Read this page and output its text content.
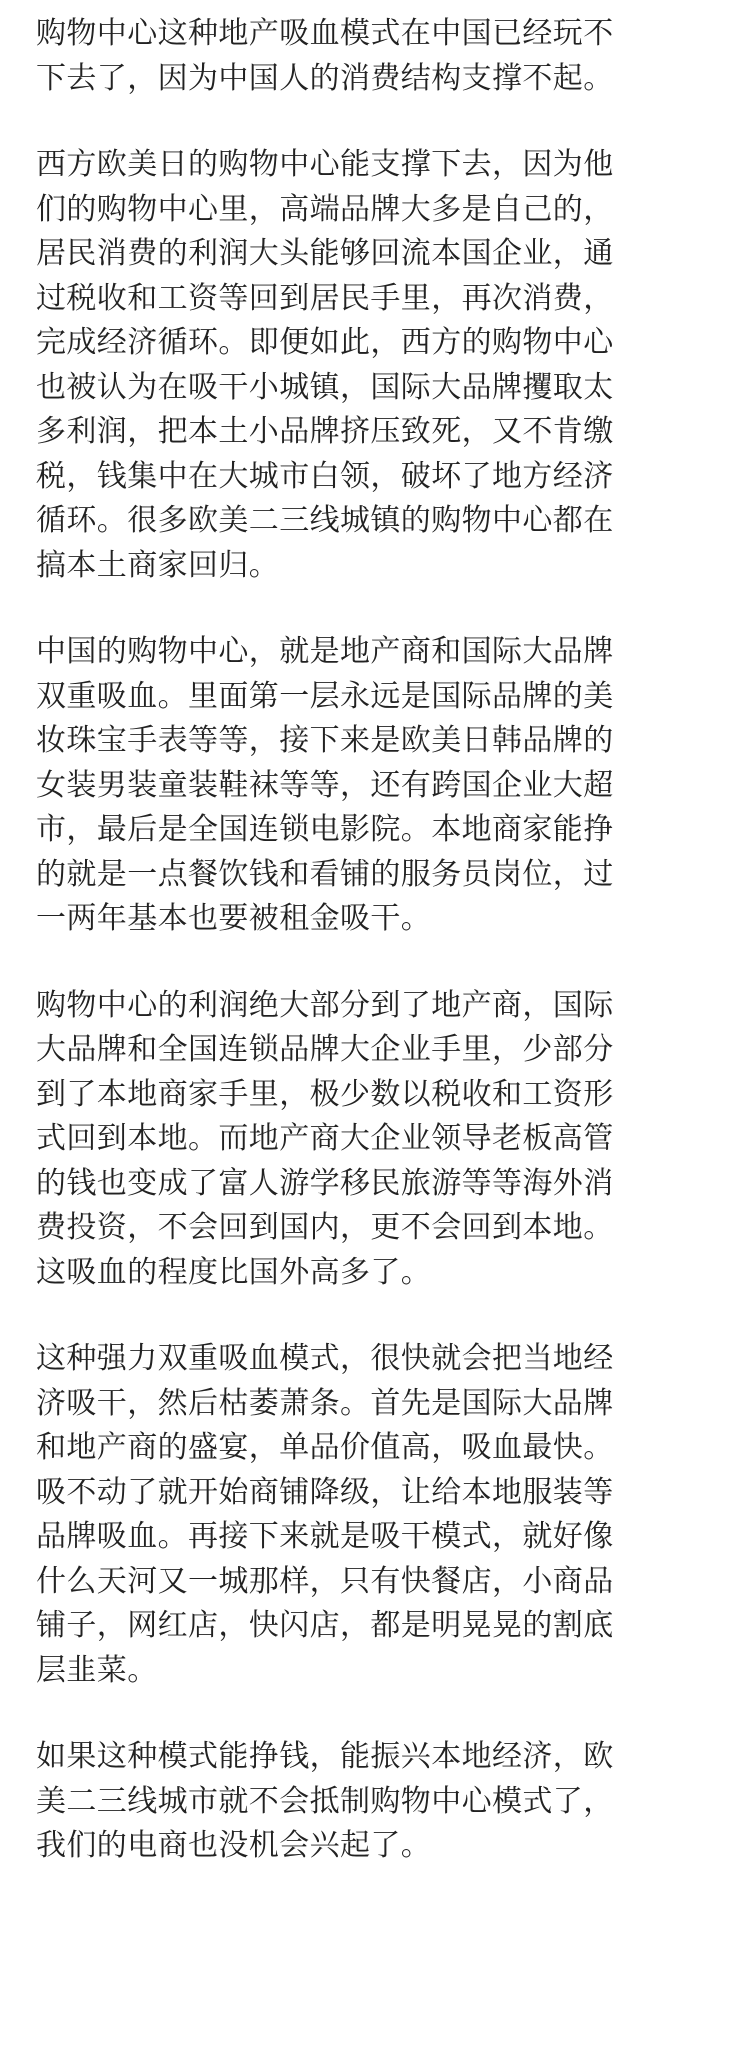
购物中心这种地产吸血模式在中国已经玩不
下去了，因为中国人的消费结构支撑不起。

西方欧美日的购物中心能支撑下去，因为他
们的购物中心里，高端品牌大多是自己的，
居民消费的利润大头能够回流本国企业，通
过税收和工资等回到居民手里，再次消费，
完成经济循环。即便如此，西方的购物中心
也被认为在吸干小城镇，国际大品牌攫取太
多利润，把本土小品牌挤压致死，又不肯缴
税，钱集中在大城市白领，破坏了地方经济
循环。很多欧美二三线城镇的购物中心都在
搞本土商家回归。

中国的购物中心，就是地产商和国际大品牌
双重吸血。里面第一层永远是国际品牌的美
妆珠宝手表等等，接下来是欧美日韩品牌的
女装男装童装鞋袜等等，还有跨国企业大超
市，最后是全国连锁电影院。本地商家能挣
的就是一点餐饮钱和看铺的服务员岗位，过
一两年基本也要被租金吸干。

购物中心的利润绝大部分到了地产商，国际
大品牌和全国连锁品牌大企业手里，少部分
到了本地商家手里，极少数以税收和工资形
式回到本地。而地产商大企业领导老板高管
的钱也变成了富人游学移民旅游等等海外消
费投资，不会回到国内，更不会回到本地。
这吸血的程度比国外高多了。

这种强力双重吸血模式，很快就会把当地经
济吸干，然后枯萎萧条。首先是国际大品牌
和地产商的盛宴，单品价值高，吸血最快。
吸不动了就开始商铺降级，让给本地服装等
品牌吸血。再接下来就是吸干模式，就好像
什么天河又一城那样，只有快餐店，小商品
铺子，网红店，快闪店，都是明晃晃的割底
层韭菜。

如果这种模式能挣钱，能振兴本地经济，欧
美二三线城市就不会抵制购物中心模式了，
我们的电商也没机会兴起了。
